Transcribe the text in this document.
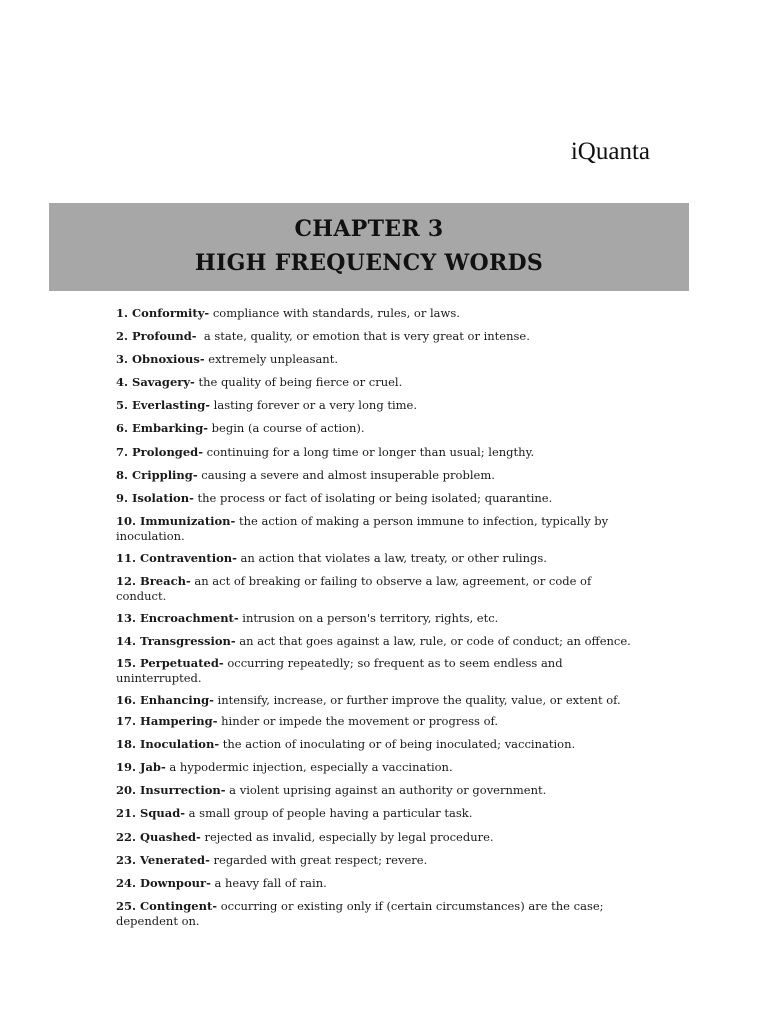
iQuanta
CHAPTER 3
HIGH FREQUENCY WORDS
1. Conformity- compliance with standards, rules, or laws.
2. Profound-  a state, quality, or emotion that is very great or intense.
3. Obnoxious- extremely unpleasant.
4. Savagery- the quality of being fierce or cruel.
5. Everlasting- lasting forever or a very long time.
6. Embarking- begin (a course of action).
7. Prolonged- continuing for a long time or longer than usual; lengthy.
8. Crippling- causing a severe and almost insuperable problem.
9. Isolation- the process or fact of isolating or being isolated; quarantine.
10. Immunization- the action of making a person immune to infection, typically by inoculation.
11. Contravention- an action that violates a law, treaty, or other rulings.
12. Breach- an act of breaking or failing to observe a law, agreement, or code of conduct.
13. Encroachment- intrusion on a person's territory, rights, etc.
14. Transgression- an act that goes against a law, rule, or code of conduct; an offence.
15. Perpetuated- occurring repeatedly; so frequent as to seem endless and uninterrupted.
16. Enhancing- intensify, increase, or further improve the quality, value, or extent of.
17. Hampering- hinder or impede the movement or progress of.
18. Inoculation- the action of inoculating or of being inoculated; vaccination.
19. Jab- a hypodermic injection, especially a vaccination.
20. Insurrection- a violent uprising against an authority or government.
21. Squad- a small group of people having a particular task.
22. Quashed- rejected as invalid, especially by legal procedure.
23. Venerated- regarded with great respect; revere.
24. Downpour- a heavy fall of rain.
25. Contingent- occurring or existing only if (certain circumstances) are the case; dependent on.
